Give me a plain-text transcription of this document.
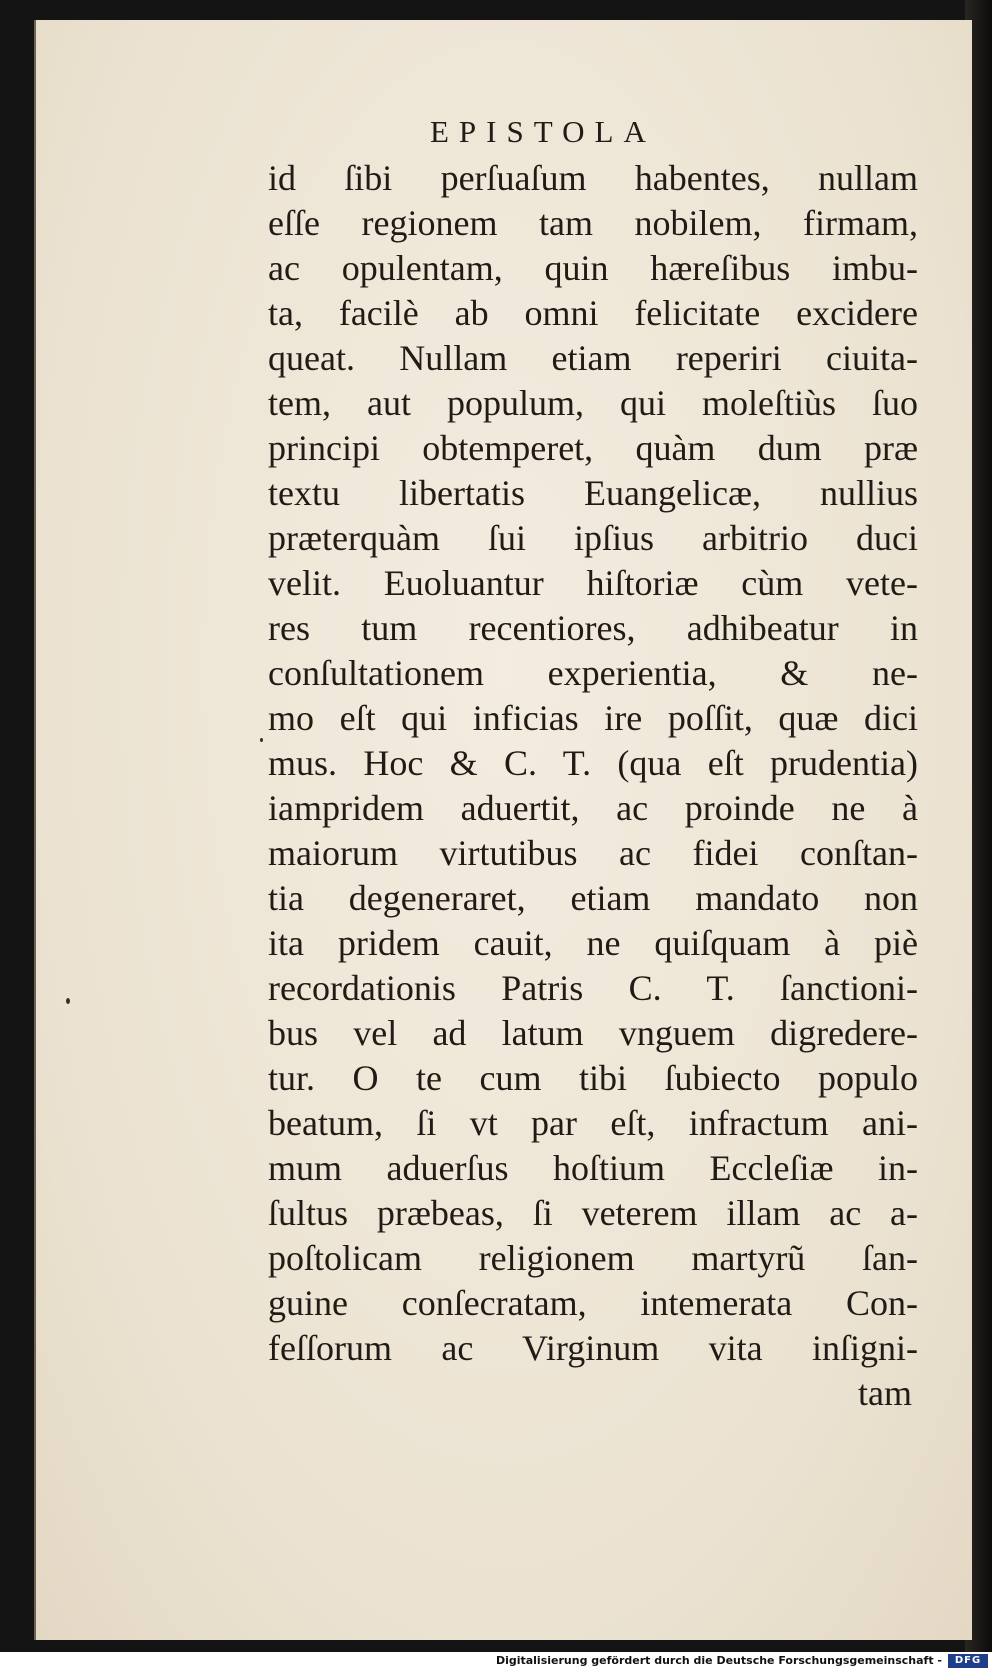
EPISTOLA
id ſibi perſuaſum habentes, nullam
eſſe regionem tam nobilem, firmam,
ac opulentam, quin hæreſibus imbu-
ta, facilè ab omni felicitate excidere
queat. Nullam etiam reperiri ciuita-
tem, aut populum, qui moleſtiùs ſuo
principi obtemperet, quàm dum præ
textu libertatis Euangelicæ, nullius
prӕterquàm ſui ipſius arbitrio duci
velit. Euoluantur hiſtoriæ cùm vete-
res tum recentiores, adhibeatur in
conſultationem experientia, & ne-
mo eſt qui inficias ire poſſit, quæ dici
mus. Hoc & C. T. (qua eſt prudentia)
iampridem aduertit, ac proinde ne à
maiorum virtutibus ac fidei conſtan-
tia degeneraret, etiam mandato non
ita pridem cauit, ne quiſquam à piè
recordationis Patris C. T. ſanctioni-
bus vel ad latum vnguem digredere-
tur. O te cum tibi ſubiecto populo
beatum, ſi vt par eſt, infractum ani-
mum aduerſus hoſtium Eccleſiæ in-
ſultus præbeas, ſi veterem illam ac a-
poſtolicam religionem martyrũ ſan-
guine conſecratam, intemerata Con-
feſſorum ac Virginum vita inſigni-
tam
Digitalisierung gefördert durch die Deutsche Forschungsgemeinschaft -	DFG
